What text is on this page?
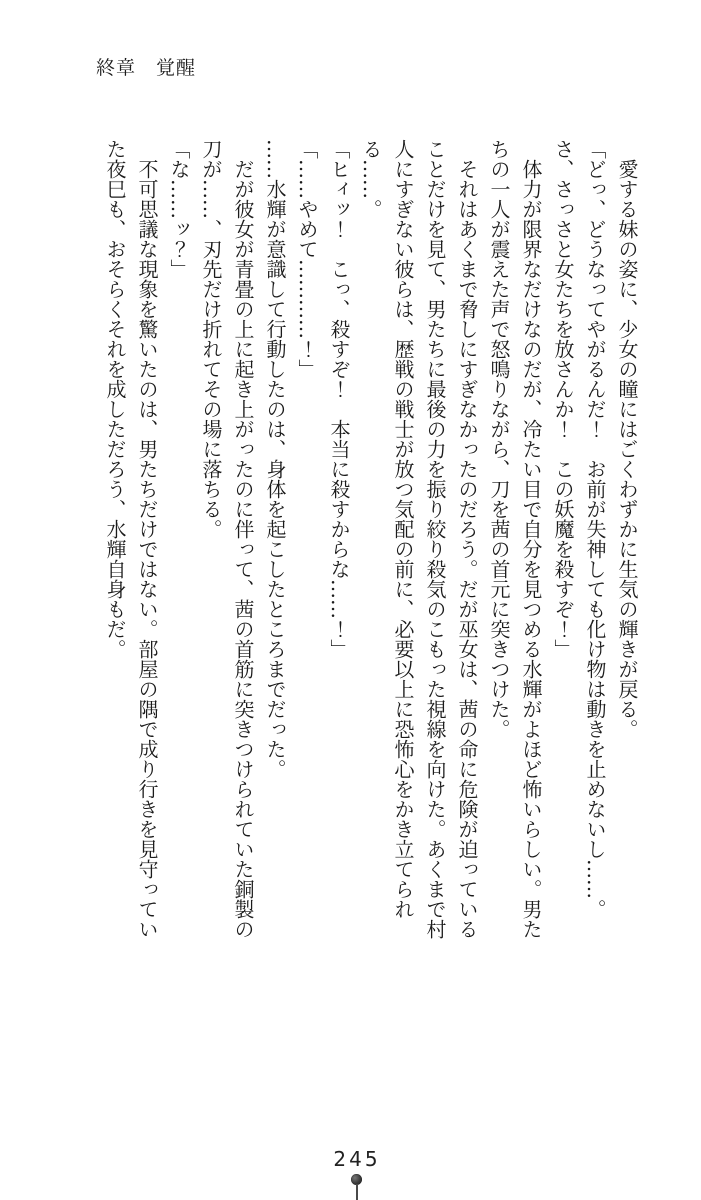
終章　覚醒

愛する妹の姿に、少女の瞳にはごくわずかに生気の輝きが戻る。

「どっ、どうなってやがるんだ！　お前が失神しても化け物は動きを止めないし……。さ、さっさと女たちを放さんか！　この妖魔を殺すぞ！」

体力が限界なだけなのだが、冷たい目で自分を見つめる水輝がよほど怖いらしい。男たちの一人が震えた声で怒鳴りながら、刀を茜の首元に突きつけた。

それはあくまで脅しにすぎなかったのだろう。だが巫女は、茜の命に危険が迫っていることだけを見て、男たちに最後の力を振り絞り殺気のこもった視線を向けた。あくまで村人にすぎない彼らは、歴戦の戦士が放つ気配の前に、必要以上に恐怖心をかき立てられる……。

「ヒィッ！　こっ、殺すぞ！　本当に殺すからな……！」

「……やめて…………！」

……水輝が意識して行動したのは、身体を起こしたところまでだった。

だが彼女が青畳の上に起き上がったのに伴って、茜の首筋に突きつけられていた銅製の刀が……、刃先だけ折れてその場に落ちる。

「な……ッ？」

不可思議な現象を驚いたのは、男たちだけではない。部屋の隅で成り行きを見守っていた夜巳も、おそらくそれを成しただろう、水輝自身もだ。

245
